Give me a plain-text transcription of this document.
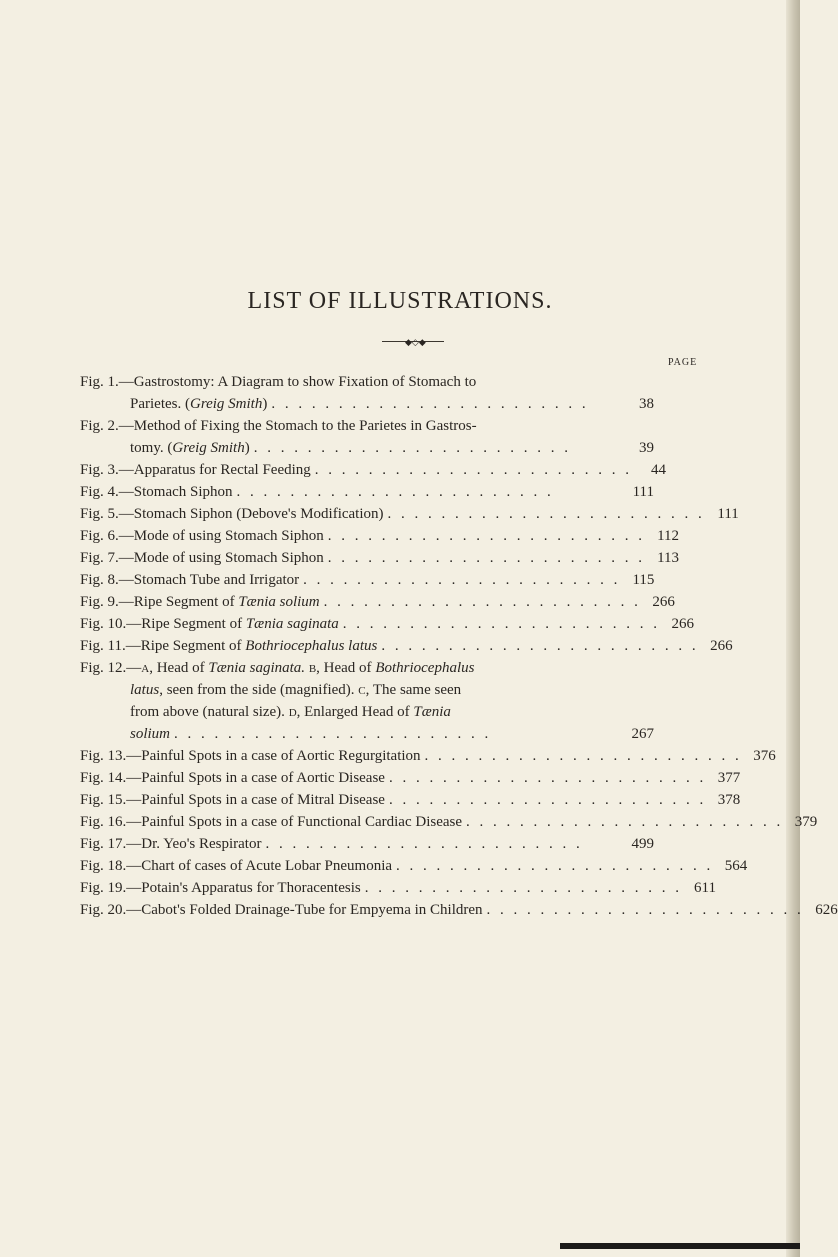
LIST OF ILLUSTRATIONS.
◆◇◆
PAGE
Fig. 1.—Gastrostomy: A Diagram to show Fixation of Stomach to
Parietes. (Greig Smith) . . . . . . . . . . . . . . . . . . . . . . . .	38
Fig. 2.—Method of Fixing the Stomach to the Parietes in Gastros-
tomy. (Greig Smith) . . . . . . . . . . . . . . . . . . . . . . . .	39
Fig. 3.—Apparatus for Rectal Feeding . . . . . . . . . . . . . . . . . . . . . . . .	44
Fig. 4.—Stomach Siphon . . . . . . . . . . . . . . . . . . . . . . . .	111
Fig. 5.—Stomach Siphon (Debove's Modification) . . . . . . . . . . . . . . . . . . . . . . . . 111
Fig. 6.—Mode of using Stomach Siphon . . . . . . . . . . . . . . . . . . . . . . . . 112
Fig. 7.—Mode of using Stomach Siphon . . . . . . . . . . . . . . . . . . . . . . . . 113
Fig. 8.—Stomach Tube and Irrigator . . . . . . . . . . . . . . . . . . . . . . . . 115
Fig. 9.—Ripe Segment of Tænia solium . . . . . . . . . . . . . . . . . . . . . . . . 266
Fig. 10.—Ripe Segment of Tænia saginata . . . . . . . . . . . . . . . . . . . . . . . . 266
Fig. 11.—Ripe Segment of Bothriocephalus latus . . . . . . . . . . . . . . . . . . . . . . . . 266
Fig. 12.—a, Head of Tænia saginata. b, Head of Bothriocephalus
latus, seen from the side (magnified). c, The same seen
from above (natural size). d, Enlarged Head of Tænia
solium . . . . . . . . . . . . . . . . . . . . . . . .	267
Fig. 13.—Painful Spots in a case of Aortic Regurgitation . . . . . . . . . . . . . . . . . . . . . . . . 376
Fig. 14.—Painful Spots in a case of Aortic Disease . . . . . . . . . . . . . . . . . . . . . . . . 377
Fig. 15.—Painful Spots in a case of Mitral Disease . . . . . . . . . . . . . . . . . . . . . . . . 378
Fig. 16.—Painful Spots in a case of Functional Cardiac Disease . . . . . . . . . . . . . . . . . . . . . . . . 379
Fig. 17.—Dr. Yeo's Respirator . . . . . . . . . . . . . . . . . . . . . . . .	499
Fig. 18.—Chart of cases of Acute Lobar Pneumonia . . . . . . . . . . . . . . . . . . . . . . . . 564
Fig. 19.—Potain's Apparatus for Thoracentesis . . . . . . . . . . . . . . . . . . . . . . . . 611
Fig. 20.—Cabot's Folded Drainage-Tube for Empyema in Children . . . . . . . . . . . . . . . . . . . . . . . . 626
